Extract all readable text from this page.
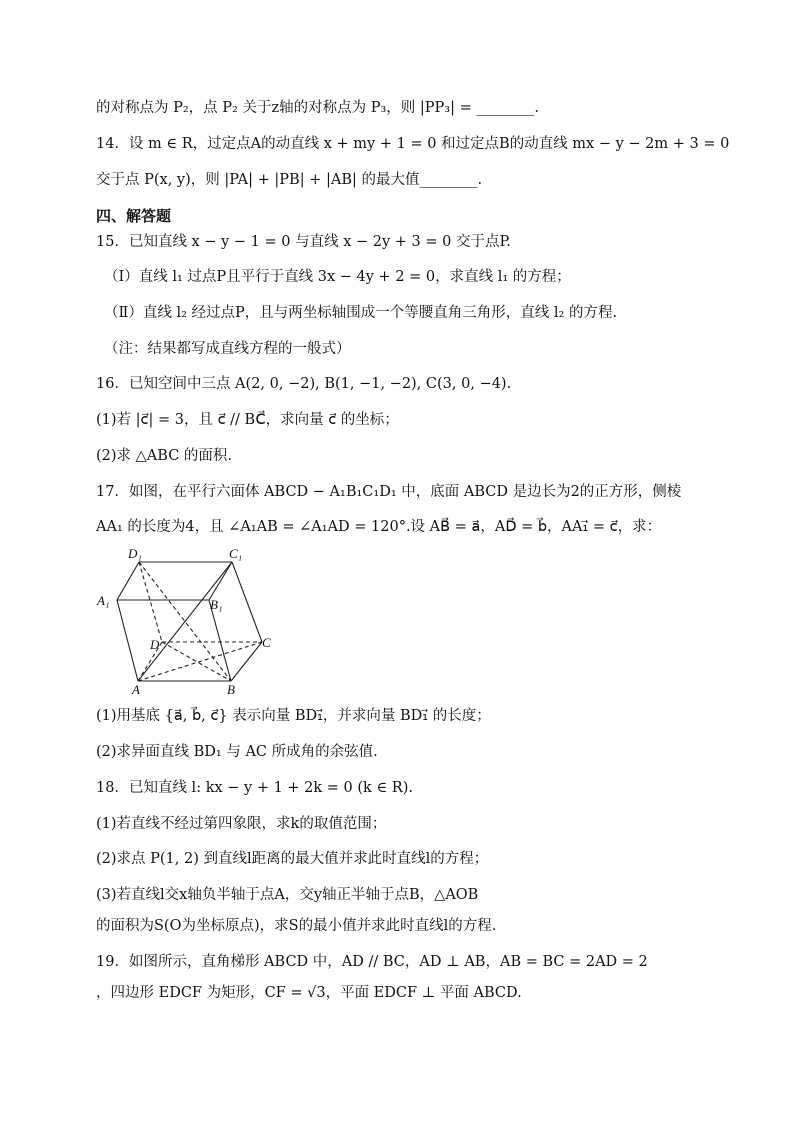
的对称点为 P₂，点 P₂ 关于z轴的对称点为 P₃，则 |PP₃| = ________.
14．设 m ∈ R，过定点A的动直线 x + my + 1 = 0 和过定点B的动直线 mx − y − 2m + 3 = 0
交于点 P(x, y)，则 |PA| + |PB| + |AB| 的最大值________.
四、解答题
15．已知直线 x − y − 1 = 0 与直线 x − 2y + 3 = 0 交于点P.
（Ⅰ）直线 l₁ 过点P且平行于直线 3x − 4y + 2 = 0，求直线 l₁ 的方程；
（Ⅱ）直线 l₂ 经过点P，且与两坐标轴围成一个等腰直角三角形，直线 l₂ 的方程.
（注：结果都写成直线方程的一般式）
16．已知空间中三点 A(2, 0, −2), B(1, −1, −2), C(3, 0, −4).
(1)若 |c⃗| = 3，且 c⃗ // BC⃗，求向量 c⃗ 的坐标；
(2)求 △ABC 的面积.
17．如图，在平行六面体 ABCD − A₁B₁C₁D₁ 中，底面 ABCD 是边长为2的正方形，侧棱
AA₁ 的长度为4，且 ∠A₁AB = ∠A₁AD = 120°.设 AB⃗ = a⃗，AD⃗ = b⃗，AA₁⃗ = c⃗，求：
D₁	C₁
A₁	B₁
D	C
A	B
(1)用基底 {a⃗, b⃗, c⃗} 表示向量 BD₁⃗，并求向量 BD₁⃗ 的长度；
(2)求异面直线 BD₁ 与 AC 所成角的余弦值.
18．已知直线 l: kx − y + 1 + 2k = 0 (k ∈ R).
(1)若直线不经过第四象限，求k的取值范围；
(2)求点 P(1, 2) 到直线l距离的最大值并求此时直线l的方程；
(3)若直线l交x轴负半轴于点A，交y轴正半轴于点B，△AOB
的面积为S(O为坐标原点)，求S的最小值并求此时直线l的方程.
19．如图所示，直角梯形 ABCD 中，AD // BC，AD ⊥ AB，AB = BC = 2AD = 2
，四边形 EDCF 为矩形，CF = √3，平面 EDCF ⊥ 平面 ABCD.
